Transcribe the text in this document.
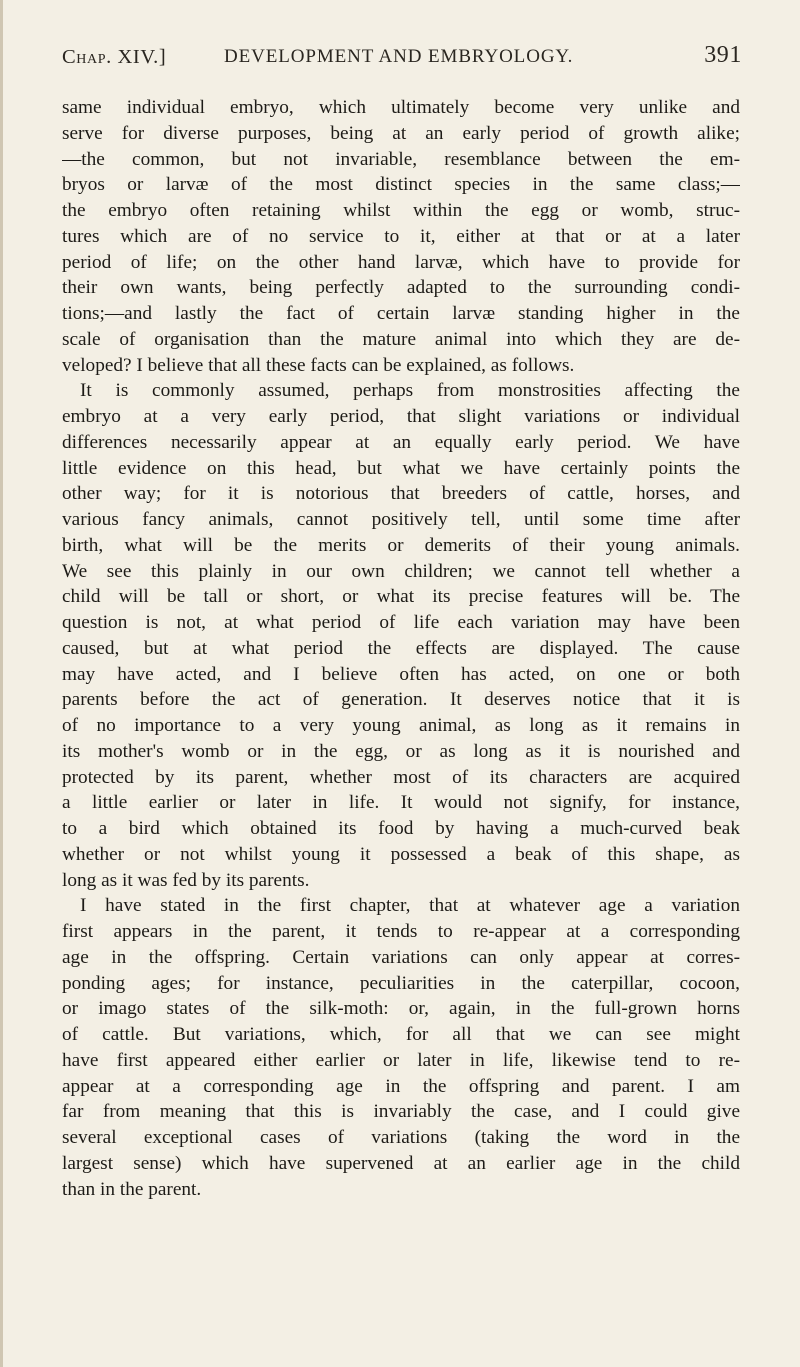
Chap. XIV.]	DEVELOPMENT AND EMBRYOLOGY.	391

same individual embryo, which ultimately become very unlike and
serve for diverse purposes, being at an early period of growth alike;
—the common, but not invariable, resemblance between the em-
bryos or larvæ of the most distinct species in the same class;—
the embryo often retaining whilst within the egg or womb, struc-
tures which are of no service to it, either at that or at a later
period of life; on the other hand larvæ, which have to provide for
their own wants, being perfectly adapted to the surrounding condi-
tions;—and lastly the fact of certain larvæ standing higher in the
scale of organisation than the mature animal into which they are de-
veloped? I believe that all these facts can be explained, as follows.

It is commonly assumed, perhaps from monstrosities affecting the
embryo at a very early period, that slight variations or individual
differences necessarily appear at an equally early period. We have
little evidence on this head, but what we have certainly points the
other way; for it is notorious that breeders of cattle, horses, and
various fancy animals, cannot positively tell, until some time after
birth, what will be the merits or demerits of their young animals.
We see this plainly in our own children; we cannot tell whether a
child will be tall or short, or what its precise features will be. The
question is not, at what period of life each variation may have been
caused, but at what period the effects are displayed. The cause
may have acted, and I believe often has acted, on one or both
parents before the act of generation. It deserves notice that it is
of no importance to a very young animal, as long as it remains in
its mother's womb or in the egg, or as long as it is nourished and
protected by its parent, whether most of its characters are acquired
a little earlier or later in life. It would not signify, for instance,
to a bird which obtained its food by having a much-curved beak
whether or not whilst young it possessed a beak of this shape, as
long as it was fed by its parents.

I have stated in the first chapter, that at whatever age a variation
first appears in the parent, it tends to re-appear at a corresponding
age in the offspring. Certain variations can only appear at corres-
ponding ages; for instance, peculiarities in the caterpillar, cocoon,
or imago states of the silk-moth: or, again, in the full-grown horns
of cattle. But variations, which, for all that we can see might
have first appeared either earlier or later in life, likewise tend to re-
appear at a corresponding age in the offspring and parent. I am
far from meaning that this is invariably the case, and I could give
several exceptional cases of variations (taking the word in the
largest sense) which have supervened at an earlier age in the child
than in the parent.
